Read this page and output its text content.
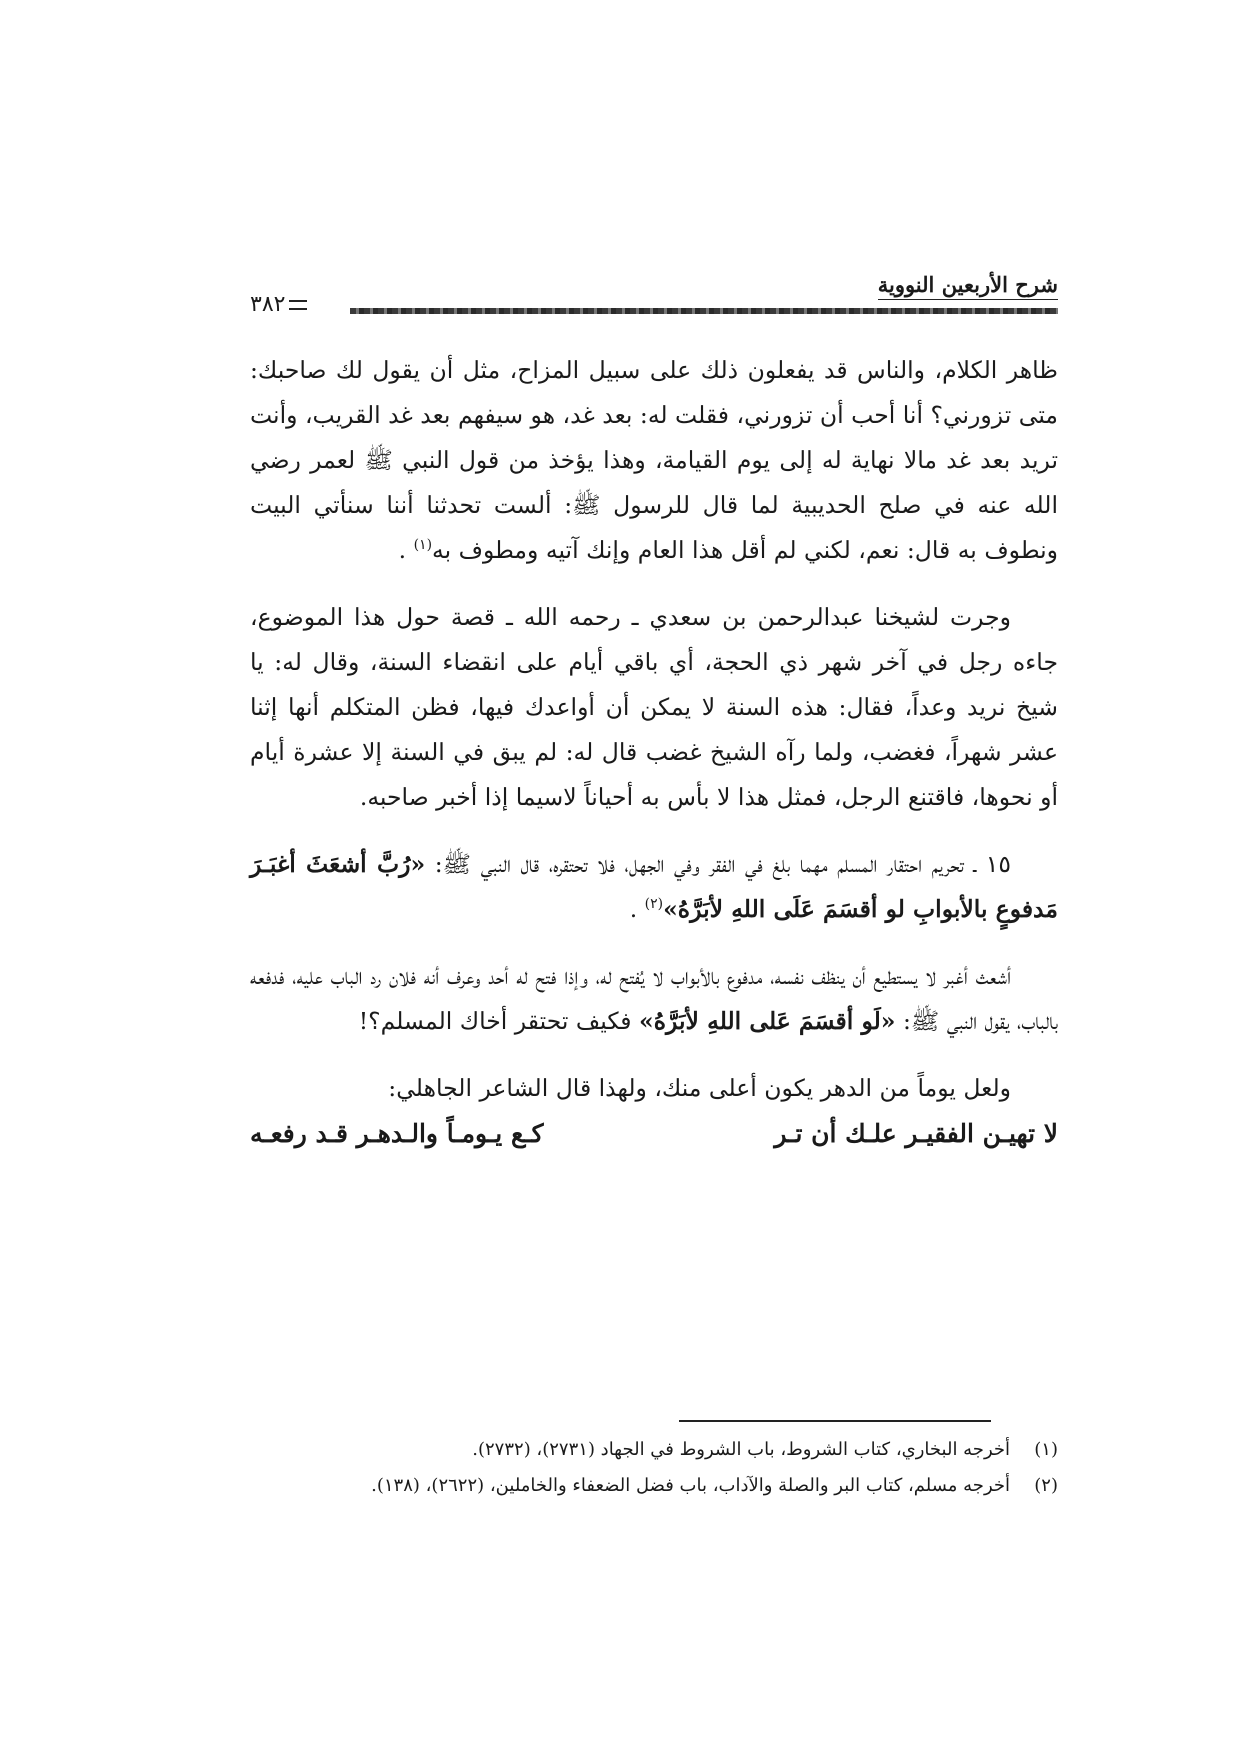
شرح الأربعين النووية
٣٨٢

ظاهر الكلام، والناس قد يفعلون ذلك على سبيل المزاح، مثل أن يقول لك صاحبك: متى تزورني؟ أنا أحب أن تزورني، فقلت له: بعد غد، هو سيفهم بعد غد القريب، وأنت تريد بعد غد مالا نهاية له إلى يوم القيامة، وهذا يؤخذ من قول النبي ﷺ لعمر رضي الله عنه في صلح الحديبية لما قال للرسول ﷺ: ألست تحدثنا أننا سنأتي البيت ونطوف به قال: نعم، لكني لم أقل هذا العام وإنك آتيه ومطوف به$^{(١)}$ .

وجرت لشيخنا عبدالرحمن بن سعدي ـ رحمه الله ـ قصة حول هذا الموضوع، جاءه رجل في آخر شهر ذي الحجة، أي باقي أيام على انقضاء السنة، وقال له: يا شيخ نريد وعداً، فقال: هذه السنة لا يمكن أن أواعدك فيها، فظن المتكلم أنها إثنا عشر شهراً، فغضب، ولما رآه الشيخ غضب قال له: لم يبق في السنة إلا عشرة أيام أو نحوها، فاقتنع الرجل، فمثل هذا لا بأس به أحياناً لاسيما إذا أخبر صاحبه.

١٥ ـ تحريم احتقار المسلم مهما بلغ في الفقر وفي الجهل، فلا تحتقره، قال النبي ﷺ: «رُبَّ أشعَثَ أغبَـرَ مَدفوعٍ بالأبوابِ لو أقسَمَ عَلَى اللهِ لأبَرَّهُ»$^{(٢)}$ .

أشعث أغبر لا يستطيع أن ينظف نفسه، مدفوع بالأبواب لا يُفتح له، وإذا فتح له أحد وعرف أنه فلان رد الباب عليه، فدفعه بالباب، يقول النبي ﷺ: «لَو أقسَمَ عَلى اللهِ لأبَرَّهُ» فكيف تحتقر أخاك المسلم؟!

ولعل يوماً من الدهر يكون أعلى منك، ولهذا قال الشاعر الجاهلي:

لا تهيـن الفقيـر علـك أن تـر
كـع يـومـاً والـدهـر قـد رفعـه

(١)أخرجه البخاري، كتاب الشروط، باب الشروط في الجهاد (٢٧٣١)، (٢٧٣٢).

(٢)أخرجه مسلم، كتاب البر والصلة والآداب، باب فضل الضعفاء والخاملين، (٢٦٢٢)، (١٣٨).
